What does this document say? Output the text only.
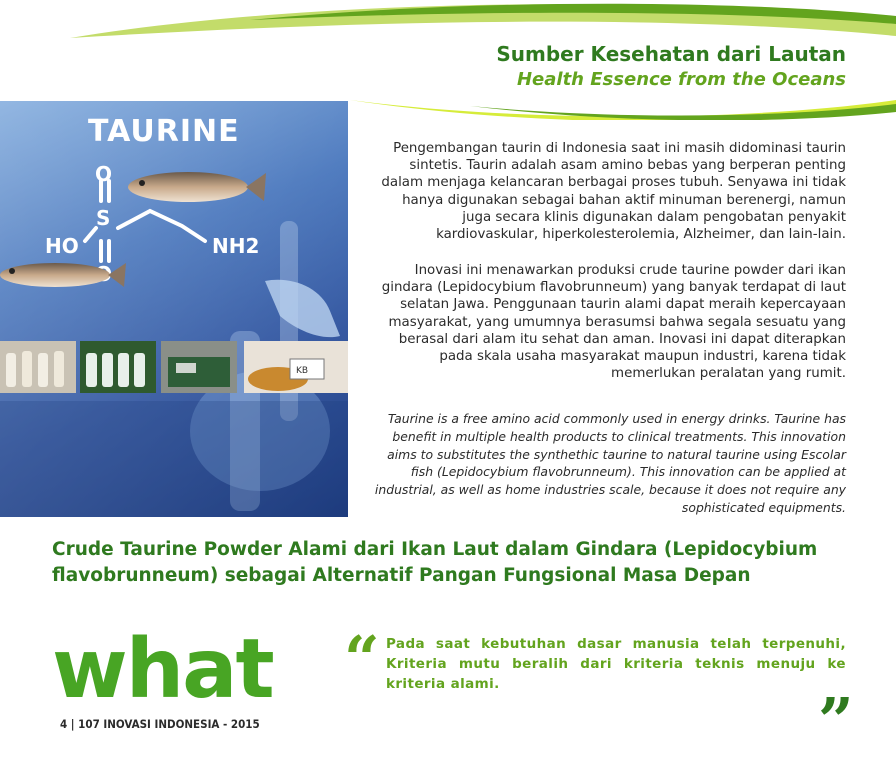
Sumber Kesehatan dari Lautan
Health Essence from the Oceans
TAURINE
O
S
HO	NH2
KB

Pengembangan taurin di Indonesia saat ini masih didominasi taurin sintetis. Taurin adalah asam amino bebas yang berperan penting dalam menjaga kelancaran berbagai proses tubuh. Senyawa ini tidak hanya digunakan sebagai bahan aktif minuman berenergi, namun juga secara klinis digunakan dalam pengobatan penyakit kardiovaskular, hiperkolesterolemia, Alzheimer, dan lain-lain.

Inovasi ini menawarkan produksi crude taurine powder dari ikan gindara (Lepidocybium flavobrunneum) yang banyak terdapat di laut selatan Jawa. Penggunaan taurin alami dapat meraih kepercayaan masyarakat, yang umumnya berasumsi bahwa segala sesuatu yang berasal dari alam itu sehat dan aman. Inovasi ini dapat diterapkan pada skala usaha masyarakat maupun industri, karena tidak memerlukan peralatan yang rumit.

Taurine is a free amino acid commonly used in energy drinks. Taurine has benefit in multiple health products to clinical treatments. This innovation aims to substitutes the synthethic taurine to natural taurine using Escolar fish (Lepidocybium flavobrunneum). This innovation can be applied at industrial, as well as home industries scale, because it does not require any sophisticated equipments.

Crude Taurine Powder Alami dari Ikan Laut dalam Gindara (Lepidocybium flavobrunneum) sebagai Alternatif Pangan Fungsional Masa Depan
what
4 | 107 INOVASI INDONESIA - 2015
“ Pada saat kebutuhan dasar manusia telah terpenuhi, Kriteria mutu beralih dari kriteria teknis menuju ke kriteria alami.	”
